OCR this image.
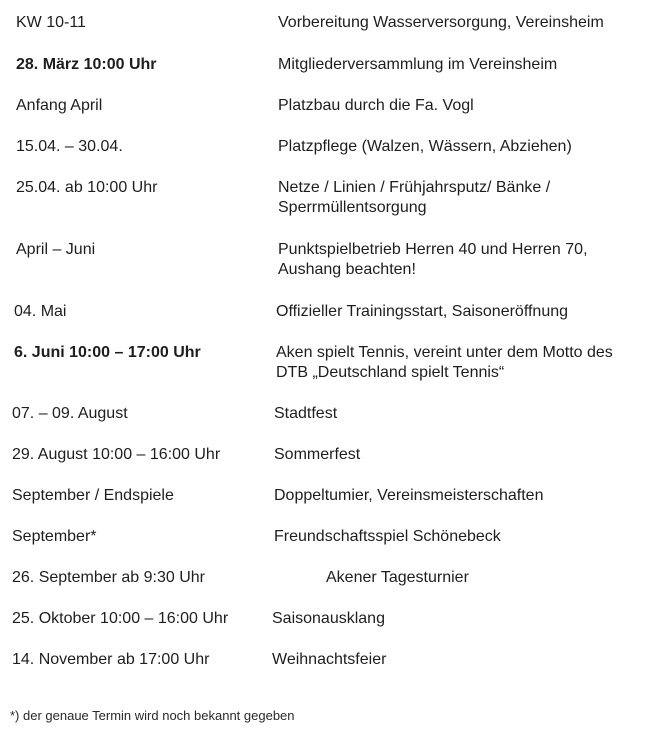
KW 10-11	Vorbereitung Wasserversorgung, Vereinsheim
28. März 10:00 Uhr	Mitgliederversammlung im Vereinsheim
Anfang April	Platzbau durch die Fa. Vogl
15.04. – 30.04.	Platzpflege (Walzen, Wässern, Abziehen)
25.04. ab 10:00 Uhr	Netze / Linien / Frühjahrsputz/ Bänke /
Sperrmüllentsorgung
April – Juni	Punktspielbetrieb Herren 40 und Herren 70,
Aushang beachten!
04. Mai	Offizieller Trainingsstart, Saisoneröffnung
6. Juni 10:00 – 17:00 Uhr	Aken spielt Tennis, vereint unter dem Motto des
DTB „Deutschland spielt Tennis“
07. – 09. August	Stadtfest
29. August 10:00 – 16:00 Uhr	Sommerfest
September / Endspiele	Doppeltumier, Vereinsmeisterschaften
September*	Freundschaftsspiel Schönebeck
26. September ab 9:30 Uhr	Akener Tagesturnier
25. Oktober 10:00 – 16:00 Uhr	Saisonausklang
14. November ab 17:00 Uhr	Weihnachtsfeier
*) der genaue Termin wird noch bekannt gegeben
